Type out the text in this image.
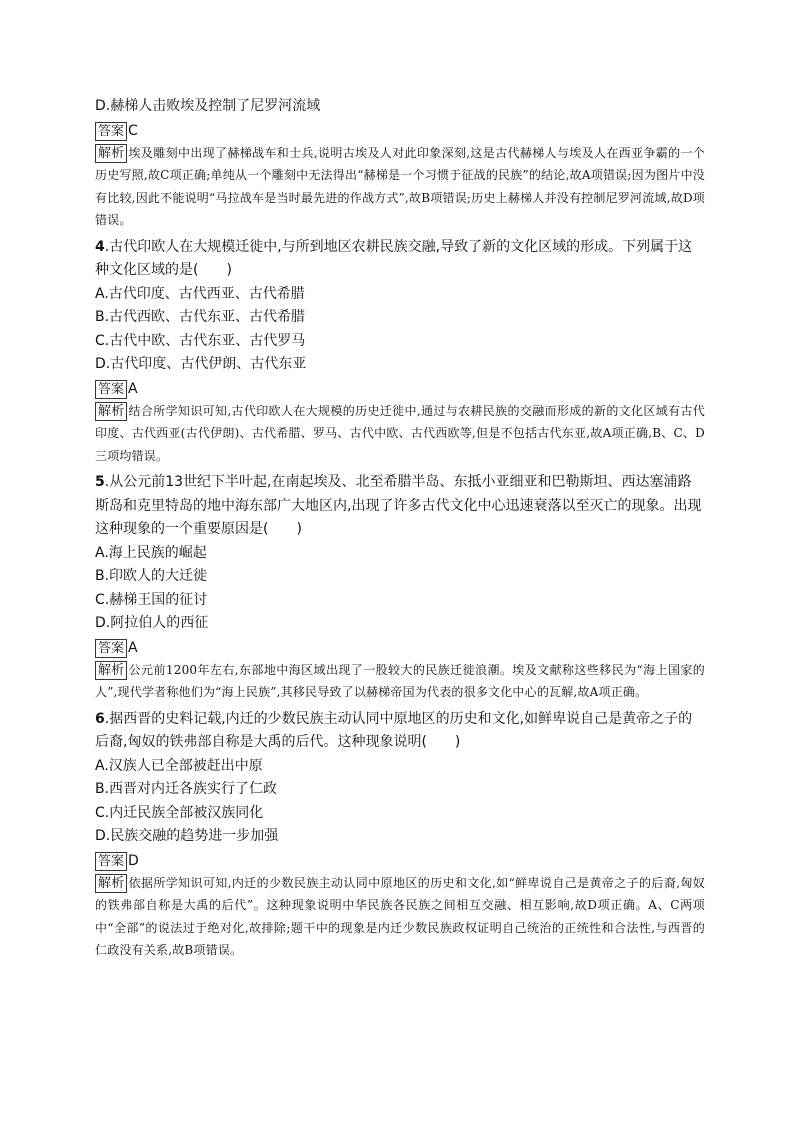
D.赫梯人击败埃及控制了尼罗河流域

答案 C

解析 埃及雕刻中出现了赫梯战车和士兵,说明古埃及人对此印象深刻,这是古代赫梯人与埃及人在西亚争霸的一个历史写照,故C项正确;单纯从一个雕刻中无法得出“赫梯是一个习惯于征战的民族”的结论,故A项错误;因为图片中没有比较,因此不能说明“马拉战车是当时最先进的作战方式”,故B项错误;历史上赫梯人并没有控制尼罗河流域,故D项错误。

4.古代印欧人在大规模迁徙中,与所到地区农耕民族交融,导致了新的文化区域的形成。下列属于这种文化区域的是(　　)

A.古代印度、古代西亚、古代希腊

B.古代西欧、古代东亚、古代希腊

C.古代中欧、古代东亚、古代罗马

D.古代印度、古代伊朗、古代东亚

答案 A

解析 结合所学知识可知,古代印欧人在大规模的历史迁徙中,通过与农耕民族的交融而形成的新的文化区域有古代印度、古代西亚(古代伊朗)、古代希腊、罗马、古代中欧、古代西欧等,但是不包括古代东亚,故A项正确,B、C、D三项均错误。

5.从公元前13世纪下半叶起,在南起埃及、北至希腊半岛、东抵小亚细亚和巴勒斯坦、西达塞浦路斯岛和克里特岛的地中海东部广大地区内,出现了许多古代文化中心迅速衰落以至灭亡的现象。出现这种现象的一个重要原因是(　　)

A.海上民族的崛起

B.印欧人的大迁徙

C.赫梯王国的征讨

D.阿拉伯人的西征

答案 A

解析 公元前1200年左右,东部地中海区域出现了一股较大的民族迁徙浪潮。埃及文献称这些移民为“海上国家的人”,现代学者称他们为“海上民族”,其移民导致了以赫梯帝国为代表的很多文化中心的瓦解,故A项正确。

6.据西晋的史料记载,内迁的少数民族主动认同中原地区的历史和文化,如鲜卑说自己是黄帝之子的后裔,匈奴的铁弗部自称是大禹的后代。这种现象说明(　　)

A.汉族人已全部被赶出中原

B.西晋对内迁各族实行了仁政

C.内迁民族全部被汉族同化

D.民族交融的趋势进一步加强

答案 D

解析 依据所学知识可知,内迁的少数民族主动认同中原地区的历史和文化,如“鲜卑说自己是黄帝之子的后裔,匈奴的铁弗部自称是大禹的后代”。这种现象说明中华民族各民族之间相互交融、相互影响,故D项正确。A、C两项中“全部”的说法过于绝对化,故排除;题干中的现象是内迁少数民族政权证明自己统治的正统性和合法性,与西晋的仁政没有关系,故B项错误。
